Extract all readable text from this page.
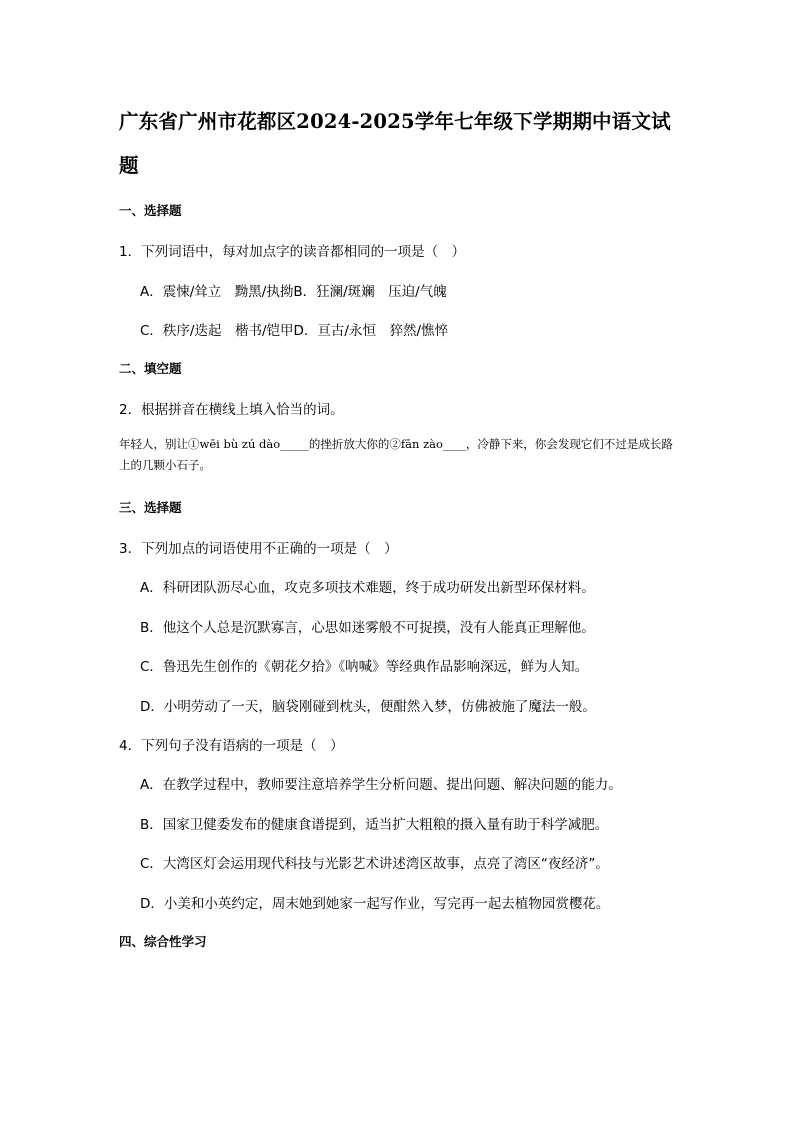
广东省广州市花都区2024-2025学年七年级下学期期中语文试题
一、选择题
1．下列词语中，每对加点字的读音都相同的一项是（　）
A．震悚/耸立　黝黑/执拗B．狂澜/斑斓　压迫/气魄
C．秩序/迭起　楷书/铠甲D．亘古/永恒　猝然/憔悴
二、填空题
2．根据拼音在横线上填入恰当的词。
年轻人，别让①wēi bù zú dào_____的挫折放大你的②fān zào____，冷静下来，你会发现它们不过是成长路上的几颗小石子。
三、选择题
3．下列加点的词语使用不正确的一项是（　）
A．科研团队沥尽心血，攻克多项技术难题，终于成功研发出新型环保材料。
B．他这个人总是沉默寡言，心思如迷雾般不可捉摸，没有人能真正理解他。
C．鲁迅先生创作的《朝花夕拾》《呐喊》等经典作品影响深远，鲜为人知。
D．小明劳动了一天，脑袋刚碰到枕头，便酣然入梦，仿佛被施了魔法一般。
4．下列句子没有语病的一项是（　）
A．在教学过程中，教师要注意培养学生分析问题、提出问题、解决问题的能力。
B．国家卫健委发布的健康食谱提到，适当扩大粗粮的摄入量有助于科学减肥。
C．大湾区灯会运用现代科技与光影艺术讲述湾区故事，点亮了湾区“夜经济”。
D．小美和小英约定，周末她到她家一起写作业，写完再一起去植物园赏樱花。
四、综合性学习
